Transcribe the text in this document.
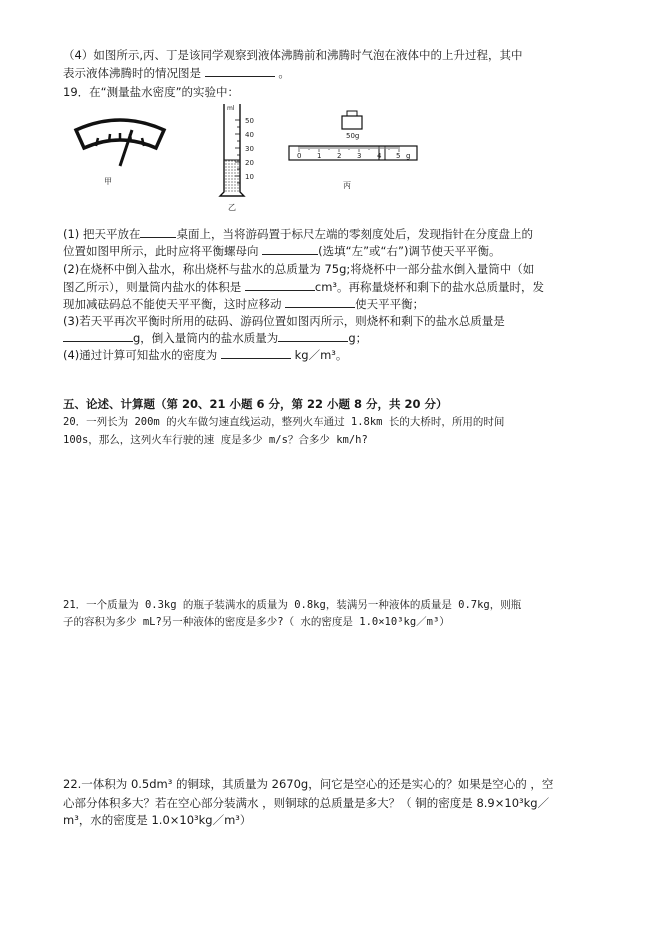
（4）如图所示,丙、丁是该同学观察到液体沸腾前和沸腾时气泡在液体中的上升过程，其中
表示液体沸腾时的情况图是	。
19．在“测量盐水密度”的实验中：
甲
ml
50
40
30
20
10
乙
50g
0 1 2 3 4 5 g
丙
(1) 把天平放在	桌面上，当将游码置于标尺左端的零刻度处后，发现指针在分度盘上的
位置如图甲所示，此时应将平衡螺母向	(选填“左”或“右”)调节使天平平衡。
(2)在烧杯中倒入盐水，称出烧杯与盐水的总质量为 75g;将烧杯中一部分盐水倒入量筒中（如
图乙所示），则量筒内盐水的体积是	cm³。再称量烧杯和剩下的盐水总质量时，发
现加减砝码总不能使天平平衡，这时应移动	使天平平衡；
(3)若天平再次平衡时所用的砝码、游码位置如图丙所示，则烧杯和剩下的盐水总质量是
g，倒入量筒内的盐水质量为	g；
(4)通过计算可知盐水的密度为	kg／m³。
五、论述、计算题（第 20、21 小题 6 分，第 22 小题 8 分，共 20 分）
20．一列长为 200m 的火车做匀速直线运动，整列火车通过 1.8km 长的大桥时，所用的时间
100s，那么，这列火车行驶的速 度是多少 m/s？合多少 km/h?
21．一个质量为 0.3kg 的瓶子装满水的质量为 0.8kg，装满另一种液体的质量是 0.7kg，则瓶
子的容积为多少 mL?另一种液体的密度是多少?（ 水的密度是 1.0×10³kg／m³）
22.一体积为 0.5dm³ 的铜球，其质量为 2670g，问它是空心的还是实心的？如果是空心的 ，空
心部分体积多大？若在空心部分装满水 ，则铜球的总质量是多大？（ 铜的密度是 8.9×10³kg／
m³，水的密度是 1.0×10³kg／m³）
